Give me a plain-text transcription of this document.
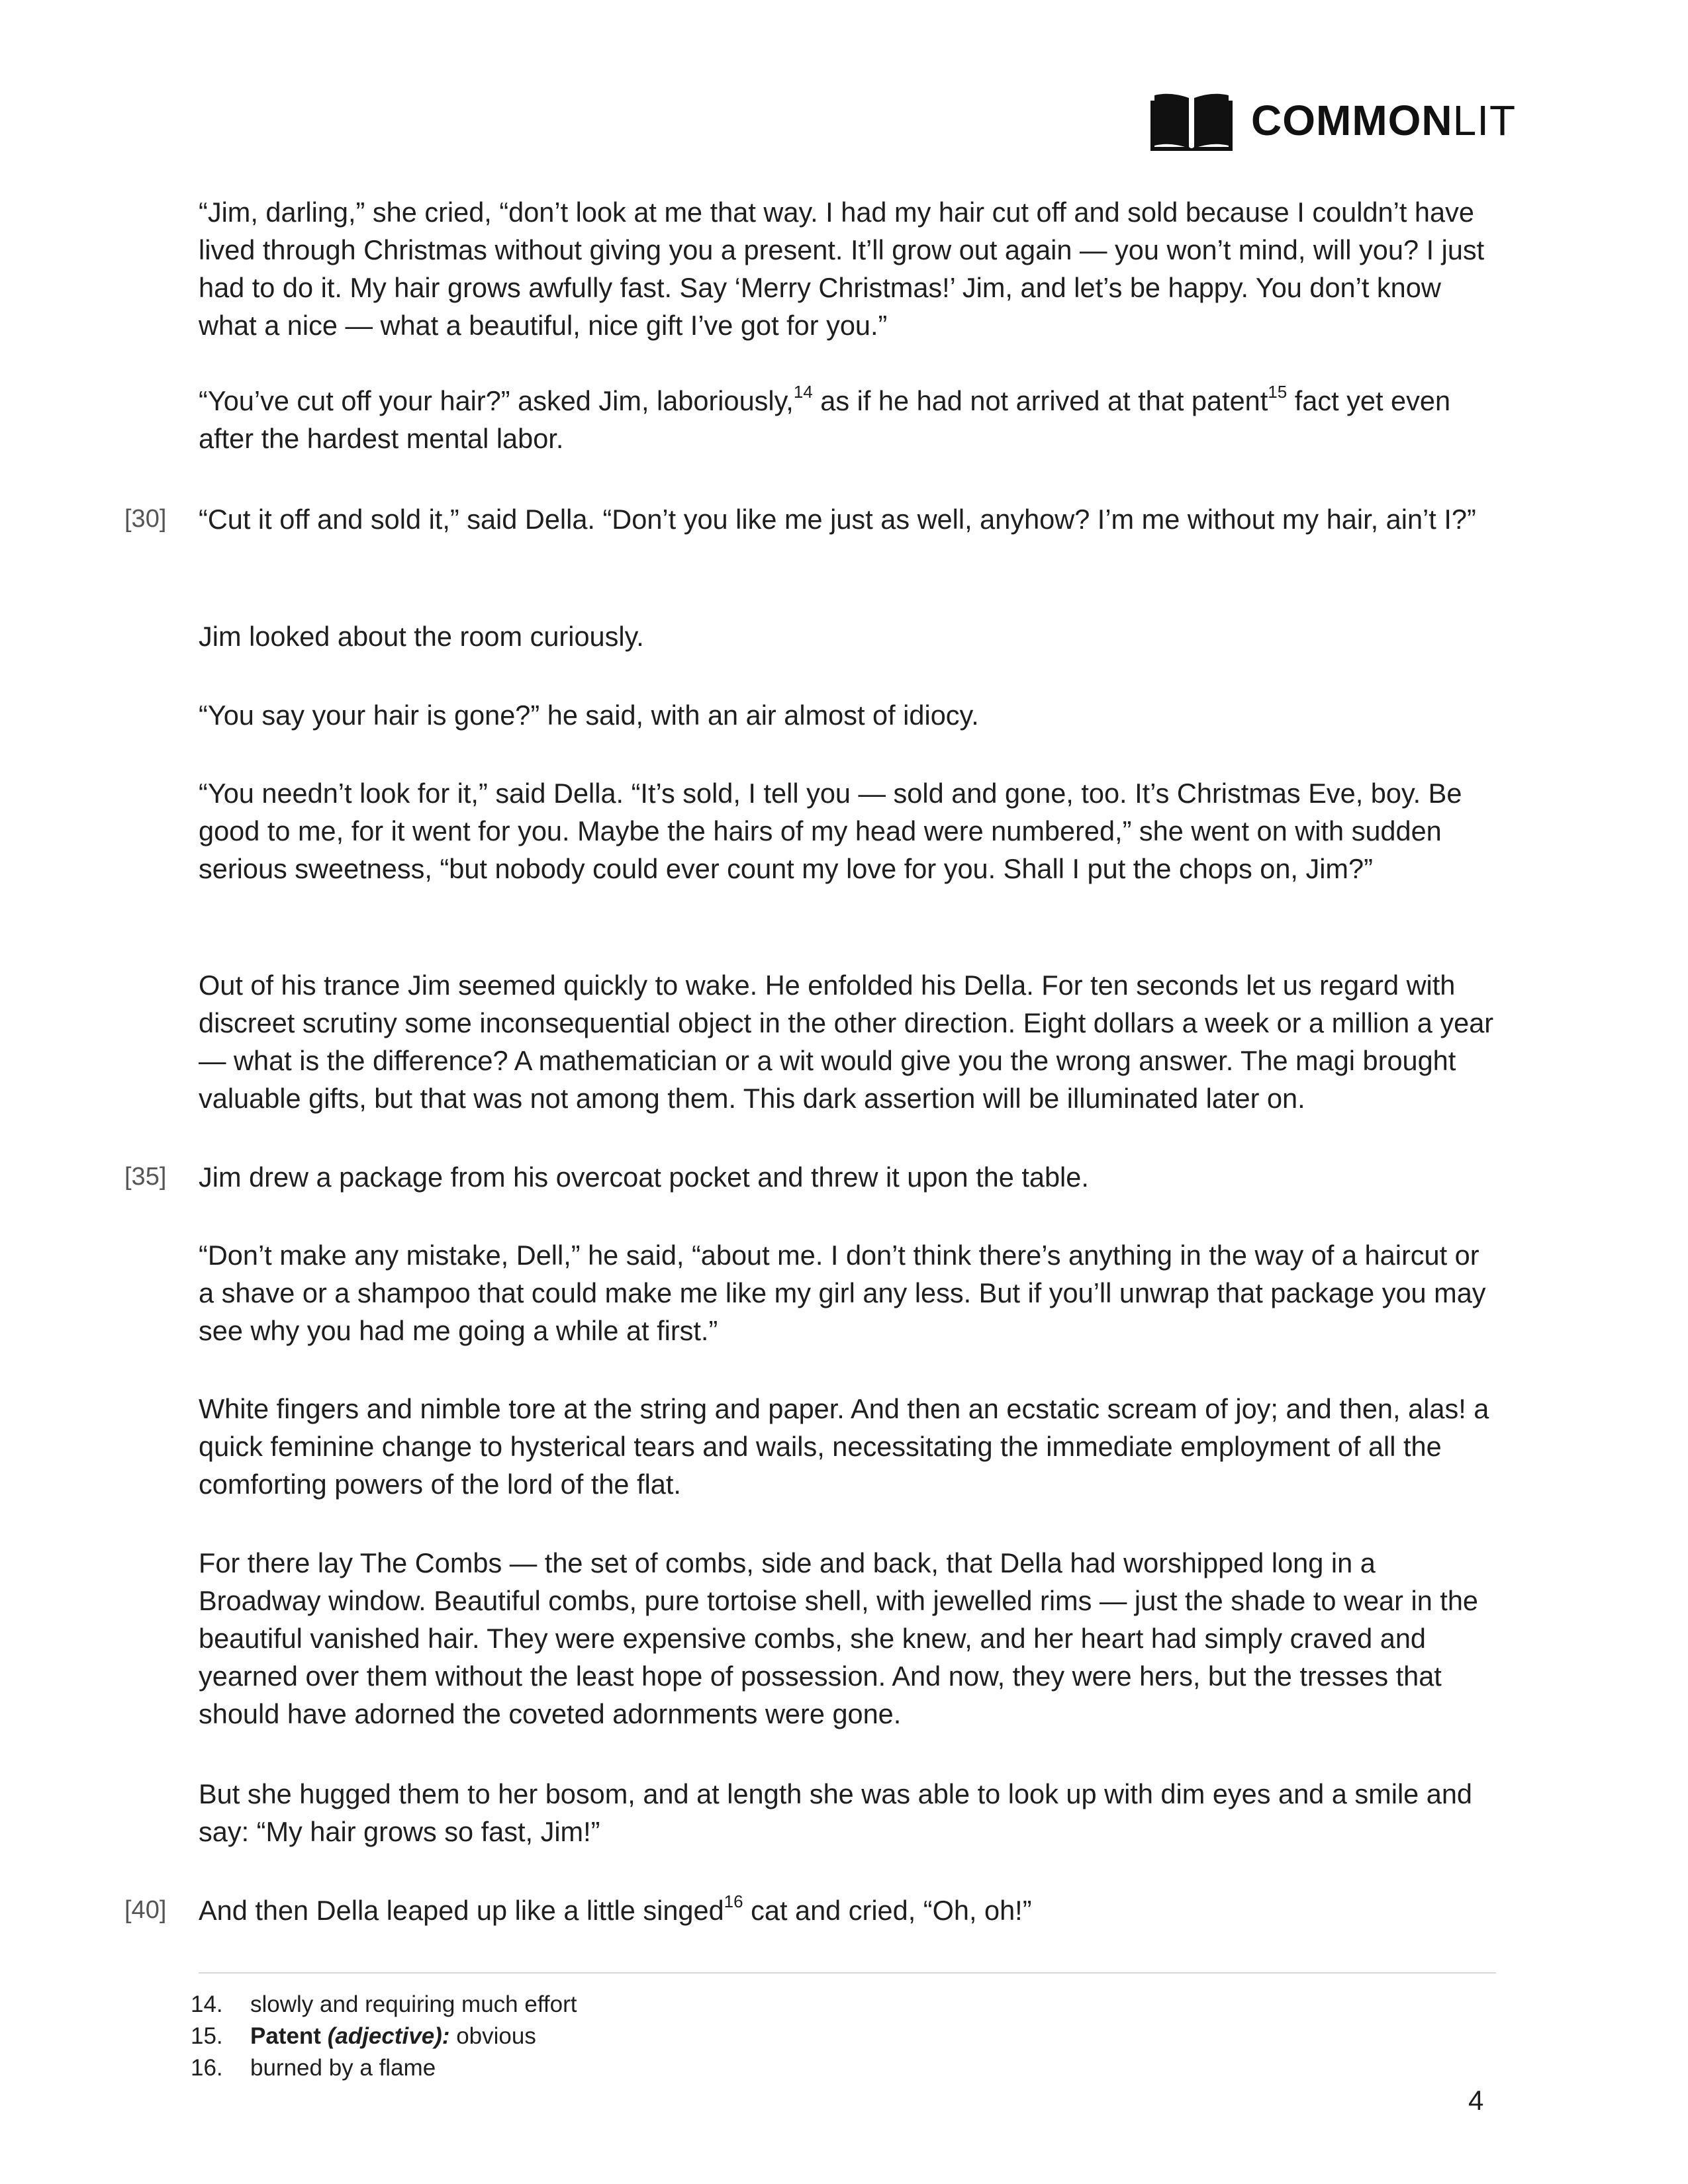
COMMONLIT

“Jim, darling,” she cried, “don’t look at me that way. I had my hair cut off and sold because I couldn’t have lived through Christmas without giving you a present. It’ll grow out again — you won’t mind, will you? I just had to do it. My hair grows awfully fast. Say ‘Merry Christmas!’ Jim, and let’s be happy. You don’t know what a nice — what a beautiful, nice gift I’ve got for you.”

“You’ve cut off your hair?” asked Jim, laboriously,$^{14}$ as if he had not arrived at that patent$^{15}$ fact yet even after the hardest mental labor.

[30] “Cut it off and sold it,” said Della. “Don’t you like me just as well, anyhow? I’m me without my hair, ain’t I?”

Jim looked about the room curiously.

“You say your hair is gone?” he said, with an air almost of idiocy.

“You needn’t look for it,” said Della. “It’s sold, I tell you — sold and gone, too. It’s Christmas Eve, boy. Be good to me, for it went for you. Maybe the hairs of my head were numbered,” she went on with sudden serious sweetness, “but nobody could ever count my love for you. Shall I put the chops on, Jim?”

Out of his trance Jim seemed quickly to wake. He enfolded his Della. For ten seconds let us regard with discreet scrutiny some inconsequential object in the other direction. Eight dollars a week or a million a year — what is the difference? A mathematician or a wit would give you the wrong answer. The magi brought valuable gifts, but that was not among them. This dark assertion will be illuminated later on.

[35] Jim drew a package from his overcoat pocket and threw it upon the table.

“Don’t make any mistake, Dell,” he said, “about me. I don’t think there’s anything in the way of a haircut or a shave or a shampoo that could make me like my girl any less. But if you’ll unwrap that package you may see why you had me going a while at first.”

White fingers and nimble tore at the string and paper. And then an ecstatic scream of joy; and then, alas! a quick feminine change to hysterical tears and wails, necessitating the immediate employment of all the comforting powers of the lord of the flat.

For there lay The Combs — the set of combs, side and back, that Della had worshipped long in a Broadway window. Beautiful combs, pure tortoise shell, with jewelled rims — just the shade to wear in the beautiful vanished hair. They were expensive combs, she knew, and her heart had simply craved and yearned over them without the least hope of possession. And now, they were hers, but the tresses that should have adorned the coveted adornments were gone.

But she hugged them to her bosom, and at length she was able to look up with dim eyes and a smile and say: “My hair grows so fast, Jim!”

[40] And then Della leaped up like a little singed$^{16}$ cat and cried, “Oh, oh!”

14. slowly and requiring much effort
15. Patent (adjective): obvious
16. burned by a flame
4
